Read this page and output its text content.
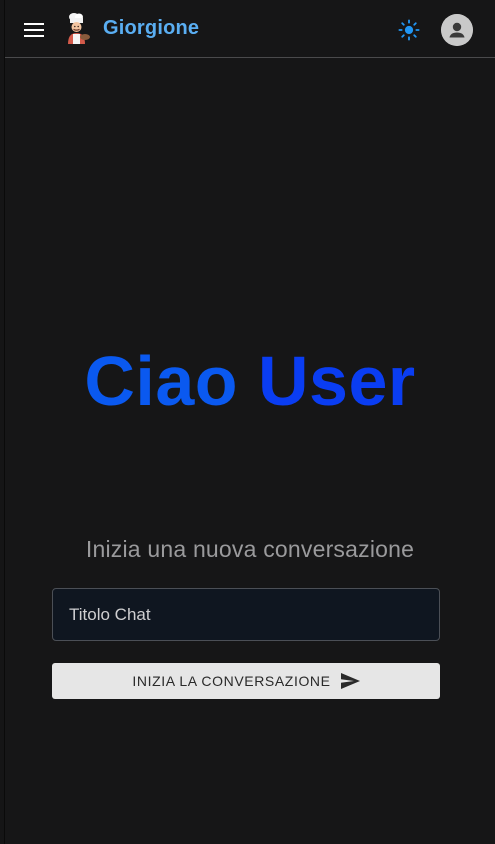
Giorgione
Ciao User
Inizia una nuova conversazione
Titolo Chat
INIZIA LA CONVERSAZIONE
